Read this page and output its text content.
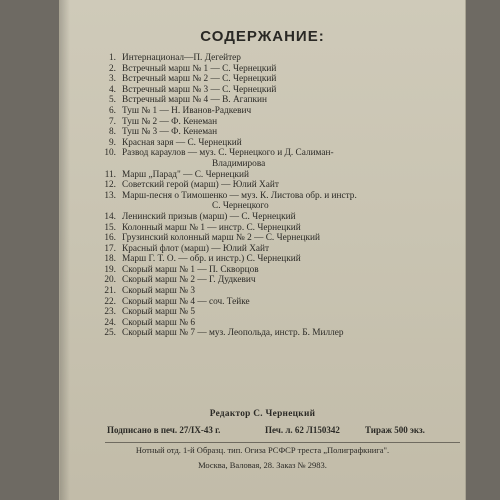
СОДЕРЖАНИЕ:
1. Интернационал—П. Дегейтер
2. Встречный марш № 1 — С. Чернецкий
3. Встречный марш № 2 — С. Чернецкий
4. Встречный марш № 3 — С. Чернецкий
5. Встречный марш № 4 — В. Агапкин
6. Туш № 1 — Н. Иванов-Радкевич
7. Туш № 2 — Ф. Кенеман
8. Туш № 3 — Ф. Кенеман
9. Красная заря — С. Чернецкий
10. Развод караулов — муз. С. Чернецкого и Д. Салиман-
Владимирова
11. Марш „Парад" — С. Чернецкий
12. Советский герой (марш) — Юлий Хайт
13. Марш-песня о Тимошенко — муз. К. Листова обр. и инстр.
С. Чернецкого
14. Ленинский призыв (марш) — С. Чернецкий
15. Колонный марш № 1 — инстр. С. Чернецкий
16. Грузинский колонный марш № 2 — С. Чернецкий
17. Красный флот (марш) — Юлий Хайт
18. Марш Г. Т. О. — обр. и инстр.) С. Чернецкий
19. Скорый марш № 1 — П. Скворцов
20. Скорый марш № 2 — Г. Дудкевич
21. Скорый марш № 3
22. Скорый марш № 4 — соч. Тейке
23. Скорый марш № 5
24. Скорый марш № 6
25. Скорый марш № 7 — муз. Леопольда, инстр. Б. Миллер
Редактор С. Чернецкий
Подписано в печ. 27/IX-43 г.	Печ. л. 62 Л150342	Тираж 500 экз.
Нотный отд. 1-й Образц. тип. Огиза РСФСР треста „Полиграфкнига".
Москва, Валовая, 28. Заказ № 2983.
